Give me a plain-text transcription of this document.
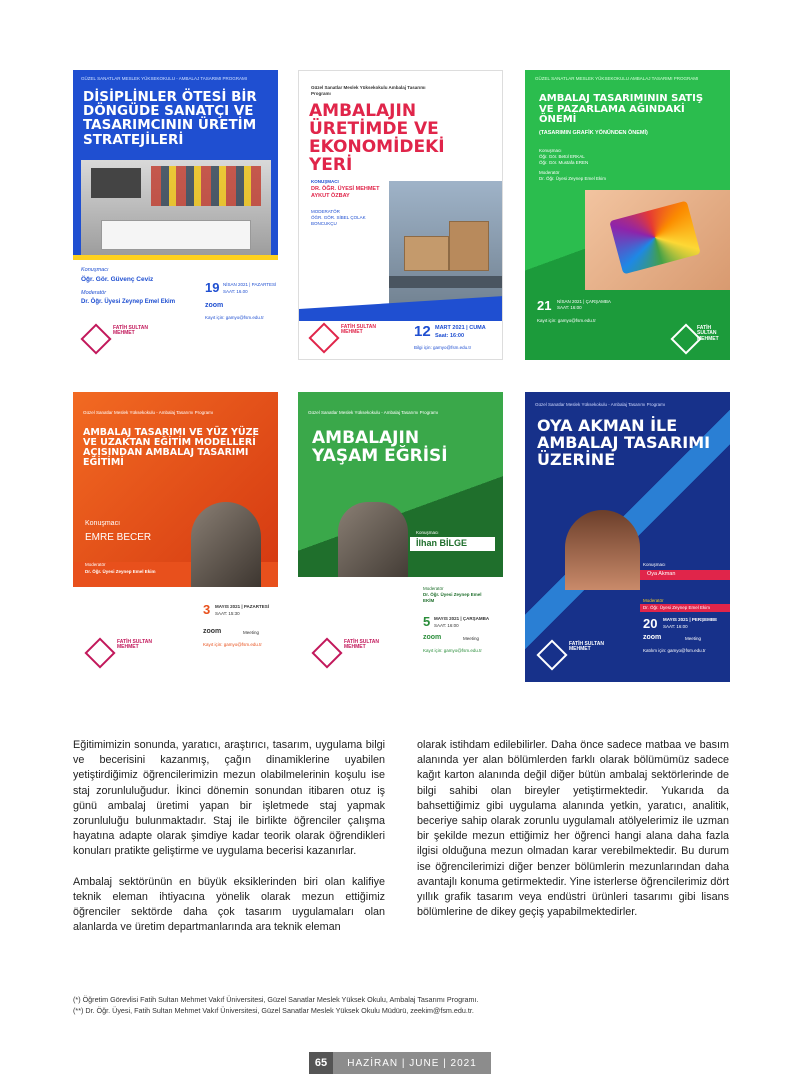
GÜZEL SANATLAR MESLEK YÜKSEKOKULU - AMBALAJ TASARIMI PROGRAMI
DİSİPLİNLER ÖTESİ BİR DÖNGÜDE SANATÇI VE TASARIMCININ ÜRETİM STRATEJİLERİ
Konuşmacı
Öğr. Gör. Güvenç Ceviz
Moderatör
Dr. Öğr. Üyesi Zeynep Emel Ekim
19 NİSAN 2021 | PAZARTESİ
SAAT: 16.00
zoom
Kayıt için: gamyo@fsm.edu.tr
FATİH SULTAN MEHMET
Güzel Sanatlar Meslek Yüksekokulu Ambalaj Tasarımı Programı
AMBALAJIN ÜRETİMDE VE EKONOMİDEKİ YERİ
KONUŞMACI
DR. ÖĞR. ÜYESİ MEHMET AYKUT ÖZBAY
MODERATÖR
ÖĞR. GÖR. SİBEL ÇOLAK BONCUKÇU
FATİH SULTAN MEHMET	12 MART 2021 | CUMA
Saat: 16:00
Bilgi için: gamyo@fsm.edu.tr
GÜZEL SANATLAR MESLEK YÜKSEKOKULU AMBALAJ TASARIMI PROGRAMI
AMBALAJ TASARIMININ SATIŞ VE PAZARLAMA AĞINDAKİ ÖNEMİ
(TASARIMIN GRAFİK YÖNÜNDEN ÖNEMİ)
Konuşmacı
Öğr. Gör. Betül ERKAL
Öğr. Gör. Mustafa EREN
Moderatör
Dr. Öğr. Üyesi Zeynep Emel Ekim
21 NİSAN 2021 | ÇARŞAMBA
SAAT: 16:00
Kayıt için: gamyo@fsm.edu.tr
FATİH SULTAN MEHMET
Güzel Sanatlar Meslek Yüksekokulu - Ambalaj Tasarımı Programı
AMBALAJ TASARIMI VE YÜZ YÜZE VE UZAKTAN EĞİTİM MODELLERİ AÇISINDAN AMBALAJ TASARIMI EĞİTİMİ
Konuşmacı
EMRE BECER
Moderatör
Dr. Öğr. Üyesi Zeynep Emel Ekim
3 MAYIS 2021 | PAZARTESİ
SAAT: 15:30
zoom	Meeting
Kayıt için: gamyo@fsm.edu.tr
FATİH SULTAN MEHMET
Güzel Sanatlar Meslek Yüksekokulu - Ambalaj Tasarımı Programı
AMBALAJIN YAŞAM EĞRİSİ
Konuşmacı
İlhan BİLGE
Moderatör
Dr. Öğr. Üyesi Zeynep Emel EKİM
5 MAYIS 2021 | ÇARŞAMBA
SAAT: 16:00
zoom	Meeting
Kayıt için: gamyo@fsm.edu.tr
FATİH SULTAN MEHMET
Güzel Sanatlar Meslek Yüksekokulu - Ambalaj Tasarımı Programı
OYA AKMAN İLE AMBALAJ TASARIMI ÜZERİNE
Konuşmacı
Oya Akman
Moderatör
Dr. Öğr. Üyesi Zeynep Emel Ekim
20 MAYIS 2021 | PERŞEMBE
SAAT: 16:00
zoom	Meeting
Katılım için: gamyo@fsm.edu.tr
FATİH SULTAN MEHMET

Eğitimimizin sonunda, yaratıcı, araştırıcı, tasarım, uygulama bilgi ve becerisini kazanmış, çağın dinamiklerine uyabilen yetiştirdiğimiz öğrencilerimizin mezun olabilmelerinin koşulu ise staj zorunluluğudur. İkinci dönemin sonundan itibaren otuz iş günü ambalaj üretimi yapan bir işletmede staj yapmak zorunluluğu bulunmaktadır. Staj ile birlikte öğrenciler çalışma hayatına adapte olarak şimdiye kadar teorik olarak öğrendikleri konuları pratikte geliştirme ve uygulama becerisi kazanırlar.

Ambalaj sektörünün en büyük eksiklerinden biri olan kalifiye teknik eleman ihtiyacına yönelik olarak mezun ettiğimiz öğrenciler sektörde daha çok tasarım uygulamaları olan alanlarda ve üretim departmanlarında ara teknik eleman

olarak istihdam edilebilirler. Daha önce sadece matbaa ve basım alanında yer alan bölümlerden farklı olarak bölümümüz sadece kağıt karton alanında değil diğer bütün ambalaj sektörlerinde de bilgi sahibi olan bireyler yetiştirmektedir. Yukarıda da bahsettiğimiz gibi uygulama alanında yetkin, yaratıcı, analitik, beceriye sahip olarak zorunlu uygulamalı atölyelerimiz ile uzman bir şekilde mezun ettiğimiz her öğrenci hangi alana daha fazla ilgisi olduğuna mezun olmadan karar verebilmektedir. Bu durum ise öğrencilerimizi diğer benzer bölümlerin mezunlarından daha avantajlı konuma getirmektedir. Yine isterlerse öğrencilerimiz dört yıllık grafik tasarım veya endüstri ürünleri tasarımı gibi lisans bölümlerine de dikey geçiş yapabilmektedirler.

(*) Öğretim Görevlisi Fatih Sultan Mehmet Vakıf Üniversitesi, Güzel Sanatlar Meslek Yüksek Okulu, Ambalaj Tasarımı Programı.
(**) Dr. Öğr. Üyesi, Fatih Sultan Mehmet Vakıf Üniversitesi, Güzel Sanatlar Meslek Yüksek Okulu Müdürü, zeekim@fsm.edu.tr.
65	HAZİRAN | JUNE | 2021
